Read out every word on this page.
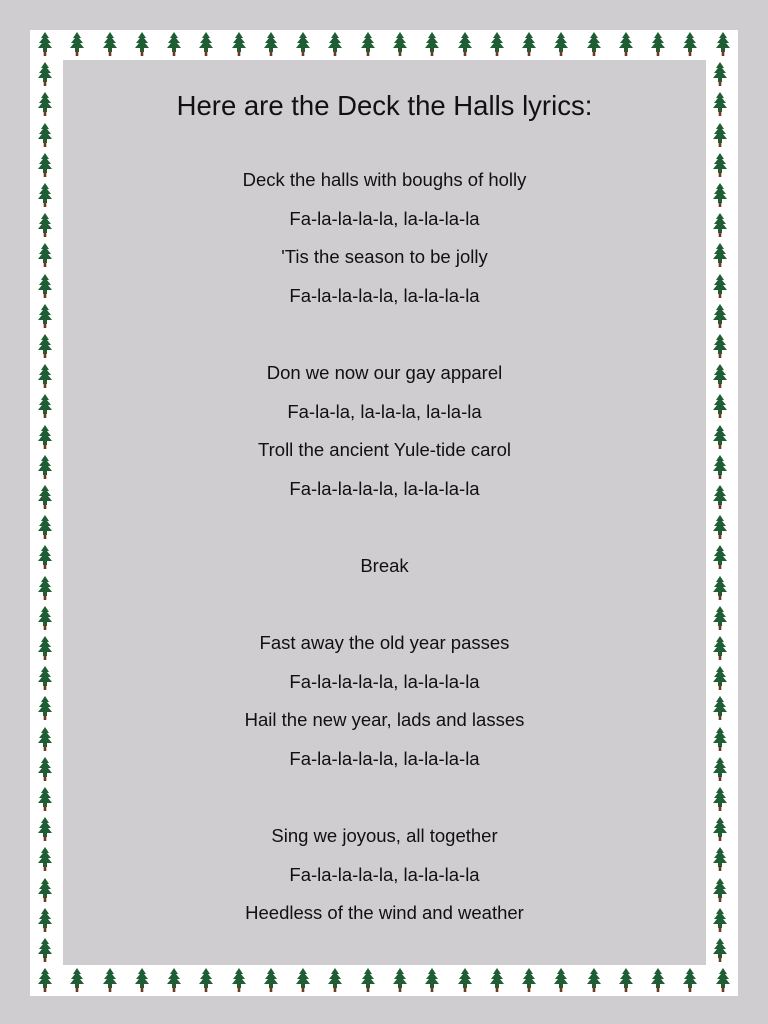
Here are the Deck the Halls lyrics:
Deck the halls with boughs of holly
Fa-la-la-la-la, la-la-la-la
'Tis the season to be jolly
Fa-la-la-la-la, la-la-la-la
Don we now our gay apparel
Fa-la-la, la-la-la, la-la-la
Troll the ancient Yule-tide carol
Fa-la-la-la-la, la-la-la-la
Break
Fast away the old year passes
Fa-la-la-la-la, la-la-la-la
Hail the new year, lads and lasses
Fa-la-la-la-la, la-la-la-la
Sing we joyous, all together
Fa-la-la-la-la, la-la-la-la
Heedless of the wind and weather
